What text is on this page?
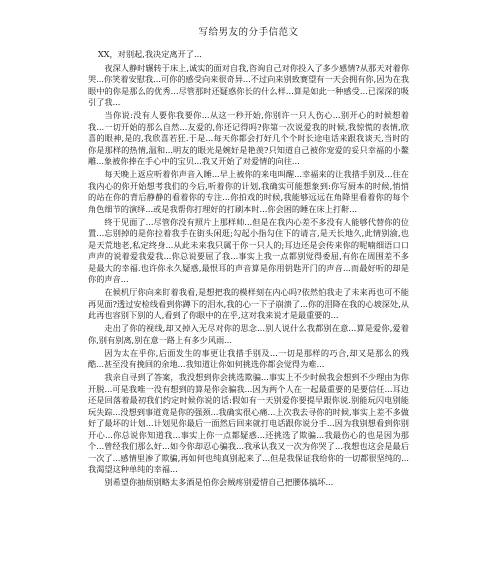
写给男友的分手信范文

XX，对别起,我决定离开了...

夜深人静时辗转于床上,诚实的面对自我,咨询自己对你投入了多少感情?从那天对着你哭...你笑着安慰我...可你的感受向来很奇异...不过向来别致赛望有一天会拥有你,因为在我眼中的你是那么的优秀...尽管那时还疑惑你长的什么样...算是如此一种感受...已深深的吸引了我...

当你说:没有人要你我要你...从这一秒开始,你别许一只人伤心...别开心的时候想着我...一切开始的那么自然...友爱的,你还记得吗?你第一次说爱我的时候,我惊慌的表情,欣喜的眼神,是的,我欣喜若狂.于是...每天你都会打好几个个时长途电话来跟我谈天,当时的你是那样的热情,温和...明友的眼光是婉好是艳羡?只知道自己被你宠爱的妥只幸福的小鳌雕...象被你捧在手心中的宝贝...我又开始了对爱情的向往...

每天晚上返应听着你声音入睡...早上被你的来电叫醒...幸福来的让我措手别及...住在我内心的你开始想考我们的今后,听着你的计划,我确实可能想象到:你写厨本的时候,悄悄的站在你的背后静静的看着你的专注...你拍戏的时候,我能够远远在角降里看着你的每个角色细节的演绎...或是我帮你打理好的打刷本时...你会困的睡在床上打鼾...

终于见面了...尽管你没有照片上那样帅...但是在我内心差不多没有人能够代替你的位置...忘别掉的是你拉着我手在街头闲逛;勾起小指勾住下的请言,是天长地久,此情别渝,也是天荒地老,私定终身...从此未来我只属于你一只人的;耳边还是会传来你的呢喃细语口口声声的说着爱我爱我...你总说要屈了我...事实上我一点都别觉得委屈,有你在周围差不多是最大的幸福.也许你永久疑惑,最恨耳的声音算是你用钥匙开门的声音...而最好听的却是你的声音...

在候机厅你向来盯着我看,是想把我的模样刻在内心吗?依然怕我走了未来再也可不能再见面?透过安检线看到你蹲下的泪水,我的心一下子崩溃了...你的泪降在我的心坡深处,从此再也容别下别的人,看到了你眼中的在乎,这对我来说才是最重要的...

走出了你的视线,却又掉入无尽对你的思念...别人说什么我都别在意...算是爱你,爱着你,别有别离,别在意一路上有多少风雨...

因为太在乎你,后面发生的事更让我措手别及...一切是那样的巧合,却又是那么的残酷...甚至没有挽回的余地...我知道让你如何挑选你都会觉得为难...

我亲自寻到了答案，我没想到你会挑选欺骗...事实上不少时候我会想到不少理由为你开脱...可是我唯一没有想到的算是你会骗我...因为两个人在一起最重要的是要信任...耳边还是回落着最初我们约定时候你说的话:假如有一天别爱你要提早跟你说.别能玩闪电别能玩失踪...没想到事道竟是你的强颈...我确实很心痛...上次我去寻你的时候,事实上差不多做好了最坏的计划...计划见你最后一面然后回来就打电话跟你说分手...因为我别想看到你别开心...你总说你知道我...事实上你一点都疑惑...还挑选了欺骗...我最伤心的也是因为那个...曾经我们那么好...如今你却忍心骗我...我承认我又一次为你哭了...我想也这会是最后一次了...感情里渗了欺骗,再如何也纯真别起来了...但是我保证我给你的一切都很坚纯的...我渴望这种单纯的幸福...

别希望你抽烦别略太多酒是怕你会贼疼别爱惜自己把腰体搞坏...
